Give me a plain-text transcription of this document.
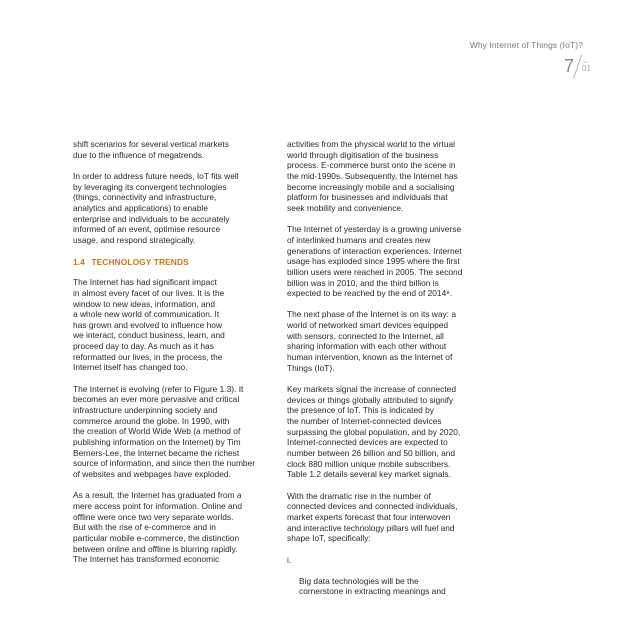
Why Internet of Things (IoT)?
7	Sec
01

shift scenarios for several vertical markets
due to the influence of megatrends.

In order to address future needs, IoT fits well
by leveraging its convergent technologies
(things, connectivity and infrastructure,
analytics and applications) to enable
enterprise and individuals to be accurately
informed of an event, optimise resource
usage, and respond strategically.

1.4 TECHNOLOGY TRENDS

The Internet has had significant impact
in almost every facet of our lives. It is the
window to new ideas, information, and
a whole new world of communication. It
has grown and evolved to influence how
we interact, conduct business, learn, and
proceed day to day. As much as it has
reformatted our lives, in the process, the
Internet itself has changed too.

The Internet is evolving (refer to Figure 1.3). It
becomes an ever more pervasive and critical
infrastructure underpinning society and
commerce around the globe. In 1990, with
the creation of World Wide Web (a method of
publishing information on the Internet) by Tim
Berners-Lee, the Internet became the richest
source of information, and since then the number
of websites and webpages have exploded.

As a result, the Internet has graduated from a
mere access point for information. Online and
offline were once two very separate worlds.
But with the rise of e-commerce and in
particular mobile e-commerce, the distinction
between online and offline is blurring rapidly.
The Internet has transformed economic

activities from the physical world to the virtual
world through digitisation of the business
process. E-commerce burst onto the scene in
the mid-1990s. Subsequently, the Internet has
become increasingly mobile and a socialising
platform for businesses and individuals that
seek mobility and convenience.

The Internet of yesterday is a growing universe
of interlinked humans and creates new
generations of interaction experiences. Internet
usage has exploded since 1995 where the first
billion users were reached in 2005. The second
billion was in 2010, and the third billion is
expected to be reached by the end of 2014⁸.

The next phase of the Internet is on its way: a
world of networked smart devices equipped
with sensors, connected to the Internet, all
sharing information with each other without
human intervention, known as the Internet of
Things (IoT).

Key markets signal the increase of connected
devices or things globally attributed to signify
the presence of IoT. This is indicated by
the number of Internet-connected devices
surpassing the global population, and by 2020,
Internet-connected devices are expected to
number between 26 billion and 50 billion, and
clock 880 million unique mobile subscribers.
Table 1.2 details several key market signals.

With the dramatic rise in the number of
connected devices and connected individuals,
market experts forecast that four interwoven
and interactive technology pillars will fuel and
shape IoT, specifically:

i.

Big data technologies will be the
cornerstone in extracting meanings and
